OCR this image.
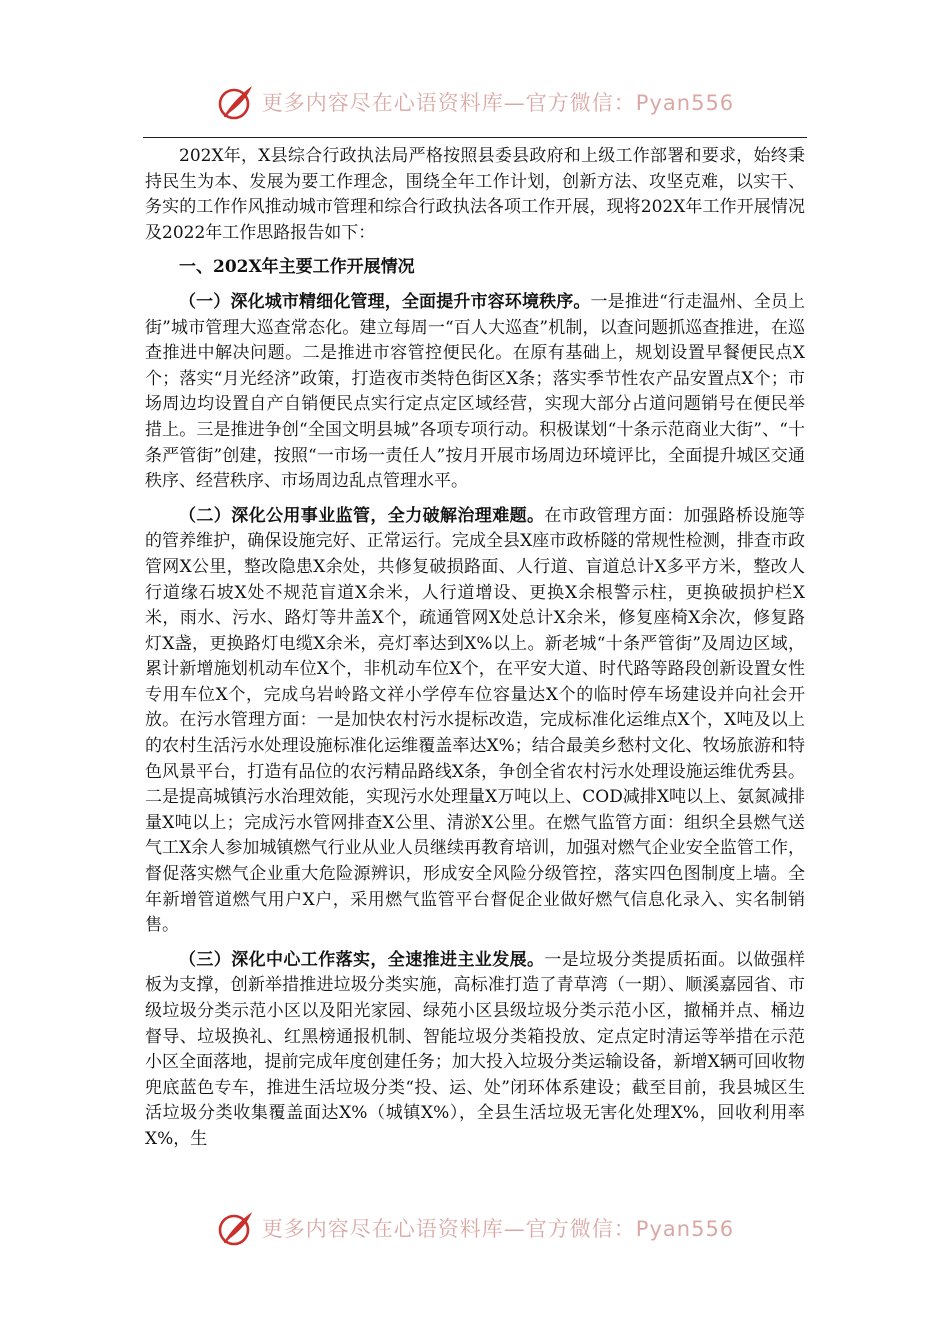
更多内容尽在心语资料库—官方微信：Pyan556

202X年，X县综合行政执法局严格按照县委县政府和上级工作部署和要求，始终秉持民生为本、发展为要工作理念，围绕全年工作计划，创新方法、攻坚克难，以实干、务实的工作作风推动城市管理和综合行政执法各项工作开展，现将202X年工作开展情况及2022年工作思路报告如下：

一、202X年主要工作开展情况

（一）深化城市精细化管理，全面提升市容环境秩序。一是推进“行走温州、全员上街”城市管理大巡查常态化。建立每周一“百人大巡查”机制，以查问题抓巡查推进，在巡查推进中解决问题。二是推进市容管控便民化。在原有基础上，规划设置早餐便民点X个；落实“月光经济”政策，打造夜市类特色街区X条；落实季节性农产品安置点X个；市场周边均设置自产自销便民点实行定点定区域经营，实现大部分占道问题销号在便民举措上。三是推进争创“全国文明县城”各项专项行动。积极谋划“十条示范商业大街”、“十条严管街”创建，按照“一市场一责任人”按月开展市场周边环境评比，全面提升城区交通秩序、经营秩序、市场周边乱点管理水平。

（二）深化公用事业监管，全力破解治理难题。在市政管理方面：加强路桥设施等的管养维护，确保设施完好、正常运行。完成全县X座市政桥隧的常规性检测，排查市政管网X公里，整改隐患X余处，共修复破损路面、人行道、盲道总计X多平方米，整改人行道缘石坡X处不规范盲道X余米，人行道增设、更换X余根警示柱，更换破损护栏X米，雨水、污水、路灯等井盖X个，疏通管网X处总计X余米，修复座椅X余次，修复路灯X盏，更换路灯电缆X余米，亮灯率达到X%以上。新老城“十条严管街”及周边区域，累计新增施划机动车位X个，非机动车位X个，在平安大道、时代路等路段创新设置女性专用车位X个，完成乌岩岭路文祥小学停车位容量达X个的临时停车场建设并向社会开放。在污水管理方面：一是加快农村污水提标改造，完成标准化运维点X个，X吨及以上的农村生活污水处理设施标准化运维覆盖率达X%；结合最美乡愁村文化、牧场旅游和特色风景平台，打造有品位的农污精品路线X条，争创全省农村污水处理设施运维优秀县。二是提高城镇污水治理效能，实现污水处理量X万吨以上、COD减排X吨以上、氨氮减排量X吨以上；完成污水管网排查X公里、清淤X公里。在燃气监管方面：组织全县燃气送气工X余人参加城镇燃气行业从业人员继续再教育培训，加强对燃气企业安全监管工作，督促落实燃气企业重大危险源辨识，形成安全风险分级管控，落实四色图制度上墙。全年新增管道燃气用户X户，采用燃气监管平台督促企业做好燃气信息化录入、实名制销售。

（三）深化中心工作落实，全速推进主业发展。一是垃圾分类提质拓面。以做强样板为支撑，创新举措推进垃圾分类实施，高标准打造了青草湾（一期）、顺溪嘉园省、市级垃圾分类示范小区以及阳光家园、绿苑小区县级垃圾分类示范小区，撤桶并点、桶边督导、垃圾换礼、红黑榜通报机制、智能垃圾分类箱投放、定点定时清运等举措在示范小区全面落地，提前完成年度创建任务；加大投入垃圾分类运输设备，新增X辆可回收物兜底蓝色专车，推进生活垃圾分类“投、运、处”闭环体系建设；截至目前，我县城区生活垃圾分类收集覆盖面达X%（城镇X%），全县生活垃圾无害化处理X%，回收利用率X%，生

更多内容尽在心语资料库—官方微信：Pyan556
